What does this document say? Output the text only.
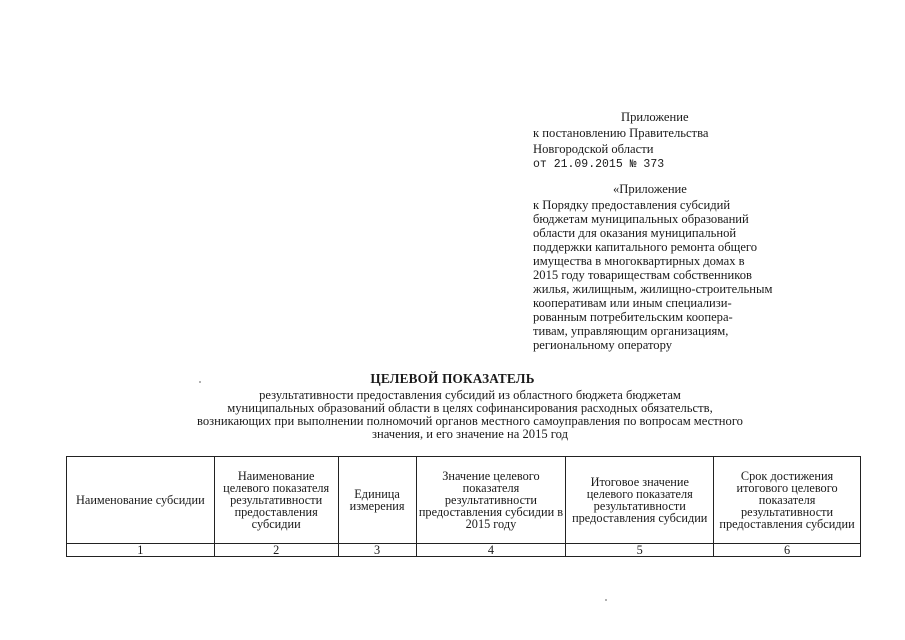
Приложение
к постановлению Правительства
Новгородской области
от 21.09.2015 № 373
«Приложение
к Порядку предоставления субсидий
бюджетам муниципальных образований
области для оказания муниципальной
поддержки капитального ремонта общего
имущества в многоквартирных домах в
2015 году товариществам собственников
жилья, жилищным, жилищно-строительным
кооперативам или иным специализи-
рованным потребительским коопера-
тивам, управляющим организациям,
региональному оператору
ЦЕЛЕВОЙ ПОКАЗАТЕЛЬ
результативности предоставления субсидий из областного бюджета бюджетам
муниципальных образований области в целях софинансирования расходных обязательств,
возникающих при выполнении полномочий органов местного самоуправления по вопросам местного
значения, и его значение на 2015 год
Наименование субсидии	Наименование целевого показателя результативности предоставления субсидии	Единица измерения	Значение целевого показателя результативности предоставления субсидии в 2015 году	Итоговое значение целевого показателя результативности предоставления субсидии	Срок достижения итогового целевого показателя результативности предоставления субсидии
1	2	3	4	5	6
